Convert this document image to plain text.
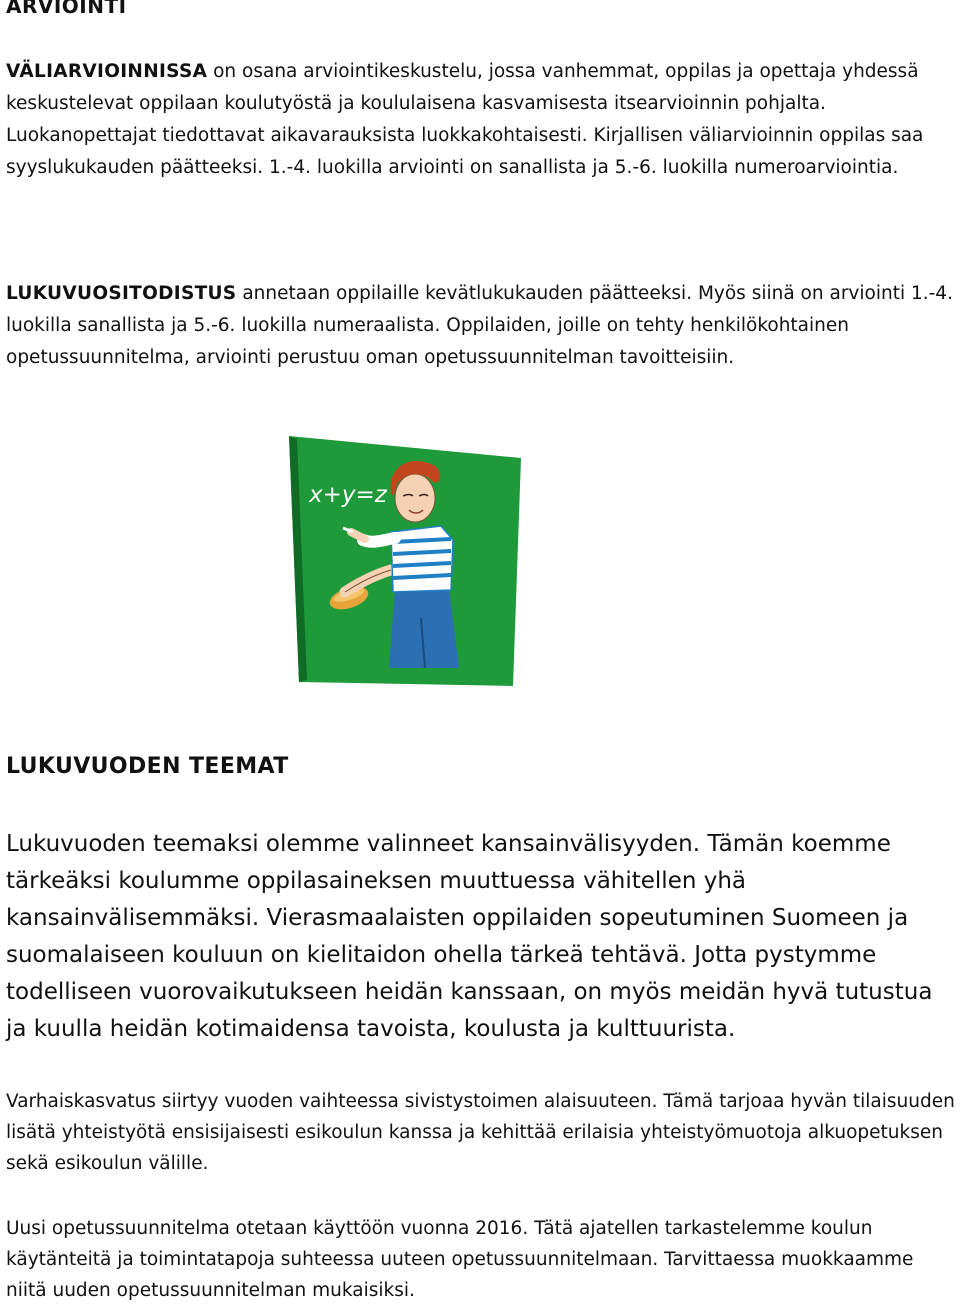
ARVIOINTI

VÄLIARVIOINNISSA on osana arviointikeskustelu, jossa vanhemmat, oppilas ja opettaja yhdessä keskustelevat oppilaan koulutyöstä ja koululaisena kasvamisesta itsearvioinnin pohjalta. Luokanopettajat tiedottavat aikavarauksista luokkakohtaisesti. Kirjallisen väliarvioinnin oppilas saa syyslukukauden päätteeksi. 1.-4. luokilla arviointi on sanallista ja 5.-6. luokilla numeroarviointia.

LUKUVUOSITODISTUS annetaan oppilaille kevätlukukauden päätteeksi. Myös siinä on arviointi 1.-4. luokilla sanallista ja 5.-6. luokilla numeraalista. Oppilaiden, joille on tehty henkilökohtainen opetussuunnitelma, arviointi perustuu oman opetussuunnitelman tavoitteisiin.

x+y=z
LUKUVUODEN TEEMAT

Lukuvuoden teemaksi olemme valinneet kansainvälisyyden. Tämän koemme tärkeäksi koulumme oppilasaineksen muuttuessa vähitellen yhä kansainvälisemmäksi. Vierasmaalaisten oppilaiden sopeutuminen Suomeen ja suomalaiseen kouluun on kielitaidon ohella tärkeä tehtävä. Jotta pystymme todelliseen vuorovaikutukseen heidän kanssaan, on myös meidän hyvä tutustua ja kuulla heidän kotimaidensa tavoista, koulusta ja kulttuurista.

Varhaiskasvatus siirtyy vuoden vaihteessa sivistystoimen alaisuuteen. Tämä tarjoaa hyvän tilaisuuden lisätä yhteistyötä ensisijaisesti esikoulun kanssa ja kehittää erilaisia yhteistyömuotoja alkuopetuksen sekä esikoulun välille.

Uusi opetussuunnitelma otetaan käyttöön vuonna 2016. Tätä ajatellen tarkastelemme koulun käytänteitä ja toimintatapoja suhteessa uuteen opetussuunnitelmaan. Tarvittaessa muokkaamme niitä uuden opetussuunnitelman mukaisiksi.
